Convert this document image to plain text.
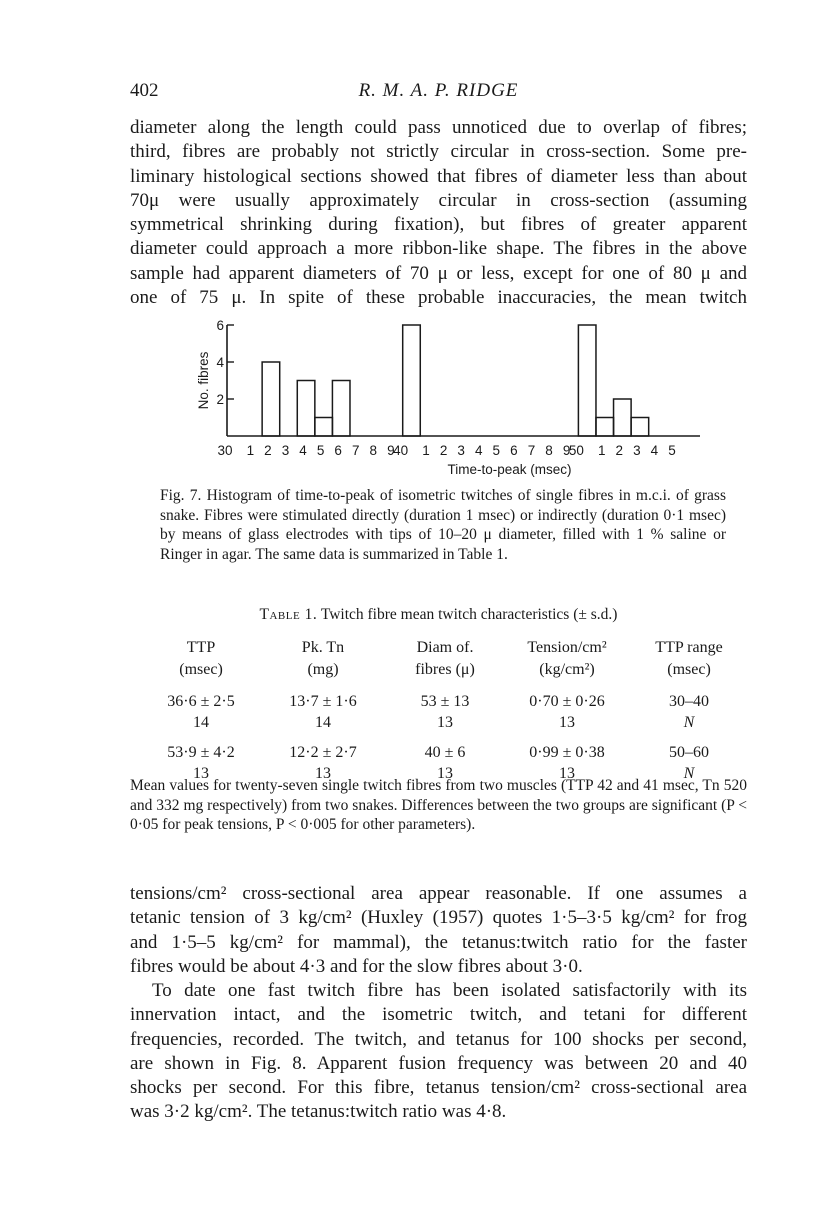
402	R. M. A. P. RIDGE
diameter along the length could pass unnoticed due to overlap of fibres;
third, fibres are probably not strictly circular in cross-section. Some pre-
liminary histological sections showed that fibres of diameter less than about
70μ were usually approximately circular in cross-section (assuming
symmetrical shrinking during fixation), but fibres of greater apparent
diameter could approach a more ribbon-like shape. The fibres in the above
sample had apparent diameters of 70 μ or less, except for one of 80 μ and
one of 75 μ. In spite of these probable inaccuracies, the mean twitch
2
4
6
30 1 2 3 4 5 6 7 8 9
40 1 2 3 4 5 6 7 8 9
50 1 2 3 4 5
Time-to-peak (msec)
No. fibres

Fig. 7. Histogram of time-to-peak of isometric twitches of single fibres in m.c.i. of grass snake. Fibres were stimulated directly (duration 1 msec) or indirectly (duration 0·1 msec) by means of glass electrodes with tips of 10–20 μ diameter, filled with 1 % saline or Ringer in agar. The same data is summarized in Table 1.

Table 1. Twitch fibre mean twitch characteristics (± s.d.)

TTP	Pk. Tn	Diam of.	Tension/cm²	TTP range
(msec)	(mg)	fibres (μ)	(kg/cm²)	(msec)
36·6 ± 2·5	13·7 ± 1·6	53 ± 13	0·70 ± 0·26	30–40
14	14	13	13	N
53·9 ± 4·2	12·2 ± 2·7	40 ± 6	0·99 ± 0·38	50–60
13	13	13	13	N

Mean values for twenty-seven single twitch fibres from two muscles (TTP 42 and 41 msec, Tn 520 and 332 mg respectively) from two snakes. Differences between the two groups are significant (P < 0·05 for peak tensions, P < 0·005 for other parameters).

tensions/cm² cross-sectional area appear reasonable. If one assumes a
tetanic tension of 3 kg/cm² (Huxley (1957) quotes 1·5–3·5 kg/cm² for frog
and 1·5–5 kg/cm² for mammal), the tetanus:twitch ratio for the faster
fibres would be about 4·3 and for the slow fibres about 3·0.
To date one fast twitch fibre has been isolated satisfactorily with its
innervation intact, and the isometric twitch, and tetani for different
frequencies, recorded. The twitch, and tetanus for 100 shocks per second,
are shown in Fig. 8. Apparent fusion frequency was between 20 and 40
shocks per second. For this fibre, tetanus tension/cm² cross-sectional area
was 3·2 kg/cm². The tetanus:twitch ratio was 4·8.
